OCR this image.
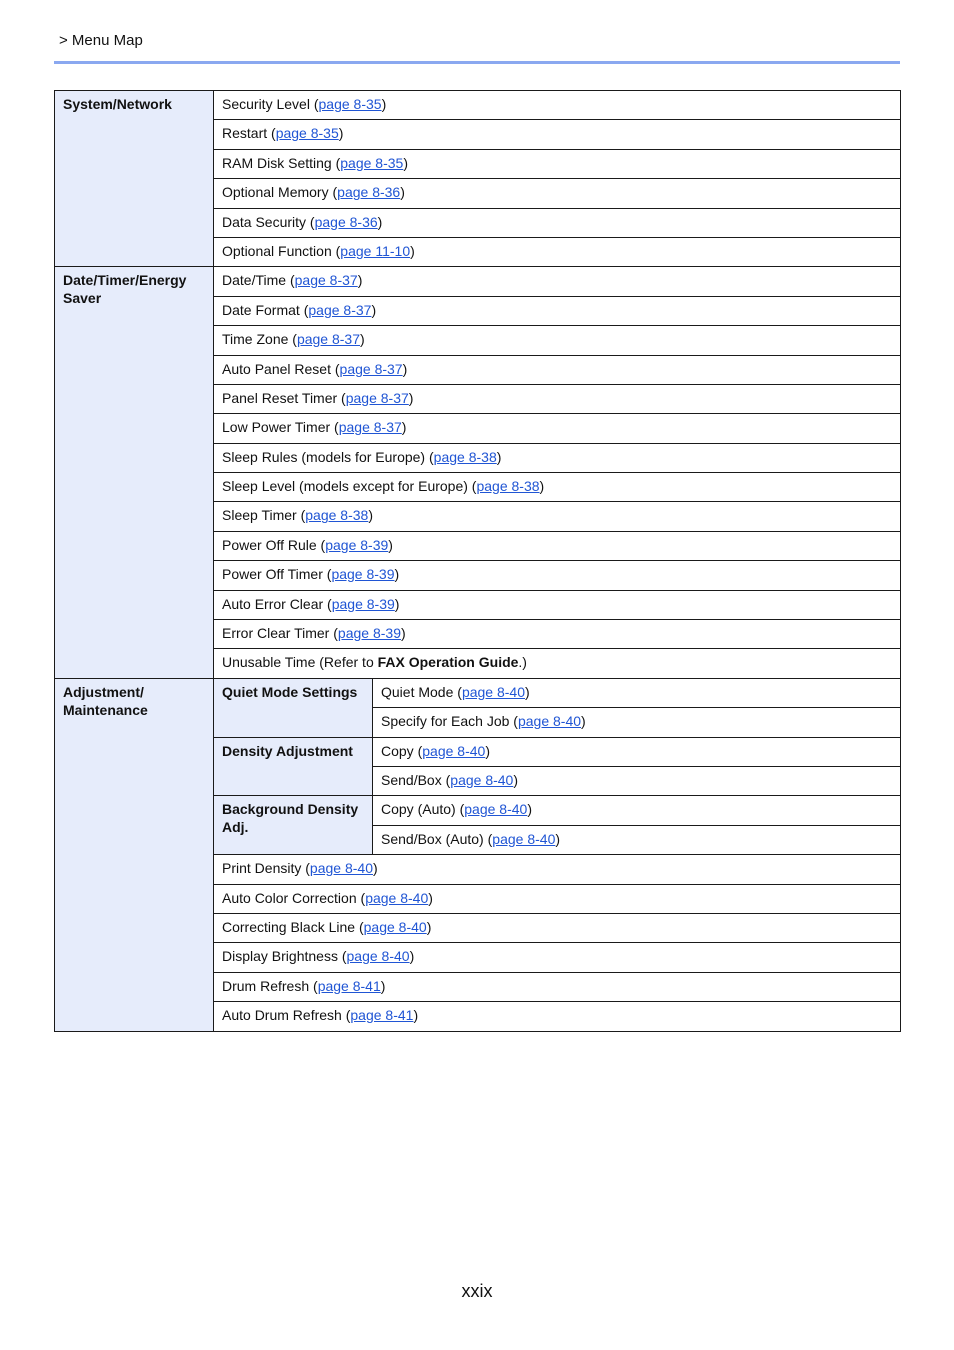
> Menu Map
System/Network	Security Level (page 8-35)	
	Restart (page 8-35)	
	RAM Disk Setting (page 8-35)	
	Optional Memory (page 8-36)	
	Data Security (page 8-36)	
	Optional Function (page 11-10)	
Date/Timer/Energy Saver	Date/Time (page 8-37)	
	Date Format (page 8-37)	
	Time Zone (page 8-37)	
	Auto Panel Reset (page 8-37)	
	Panel Reset Timer (page 8-37)	
	Low Power Timer (page 8-37)	
	Sleep Rules (models for Europe) (page 8-38)	
	Sleep Level (models except for Europe) (page 8-38)	
	Sleep Timer (page 8-38)	
	Power Off Rule (page 8-39)	
	Power Off Timer (page 8-39)	
	Auto Error Clear (page 8-39)	
	Error Clear Timer (page 8-39)	
	Unusable Time (Refer to FAX Operation Guide.)	
Adjustment/ Maintenance	Quiet Mode Settings	Quiet Mode (page 8-40)
		Specify for Each Job (page 8-40)
	Density Adjustment	Copy (page 8-40)
		Send/Box (page 8-40)
	Background Density Adj.	Copy (Auto) (page 8-40)
		Send/Box (Auto) (page 8-40)
	Print Density (page 8-40)	
	Auto Color Correction (page 8-40)	
	Correcting Black Line (page 8-40)	
	Display Brightness (page 8-40)	
	Drum Refresh (page 8-41)	
	Auto Drum Refresh (page 8-41)	
xxix
